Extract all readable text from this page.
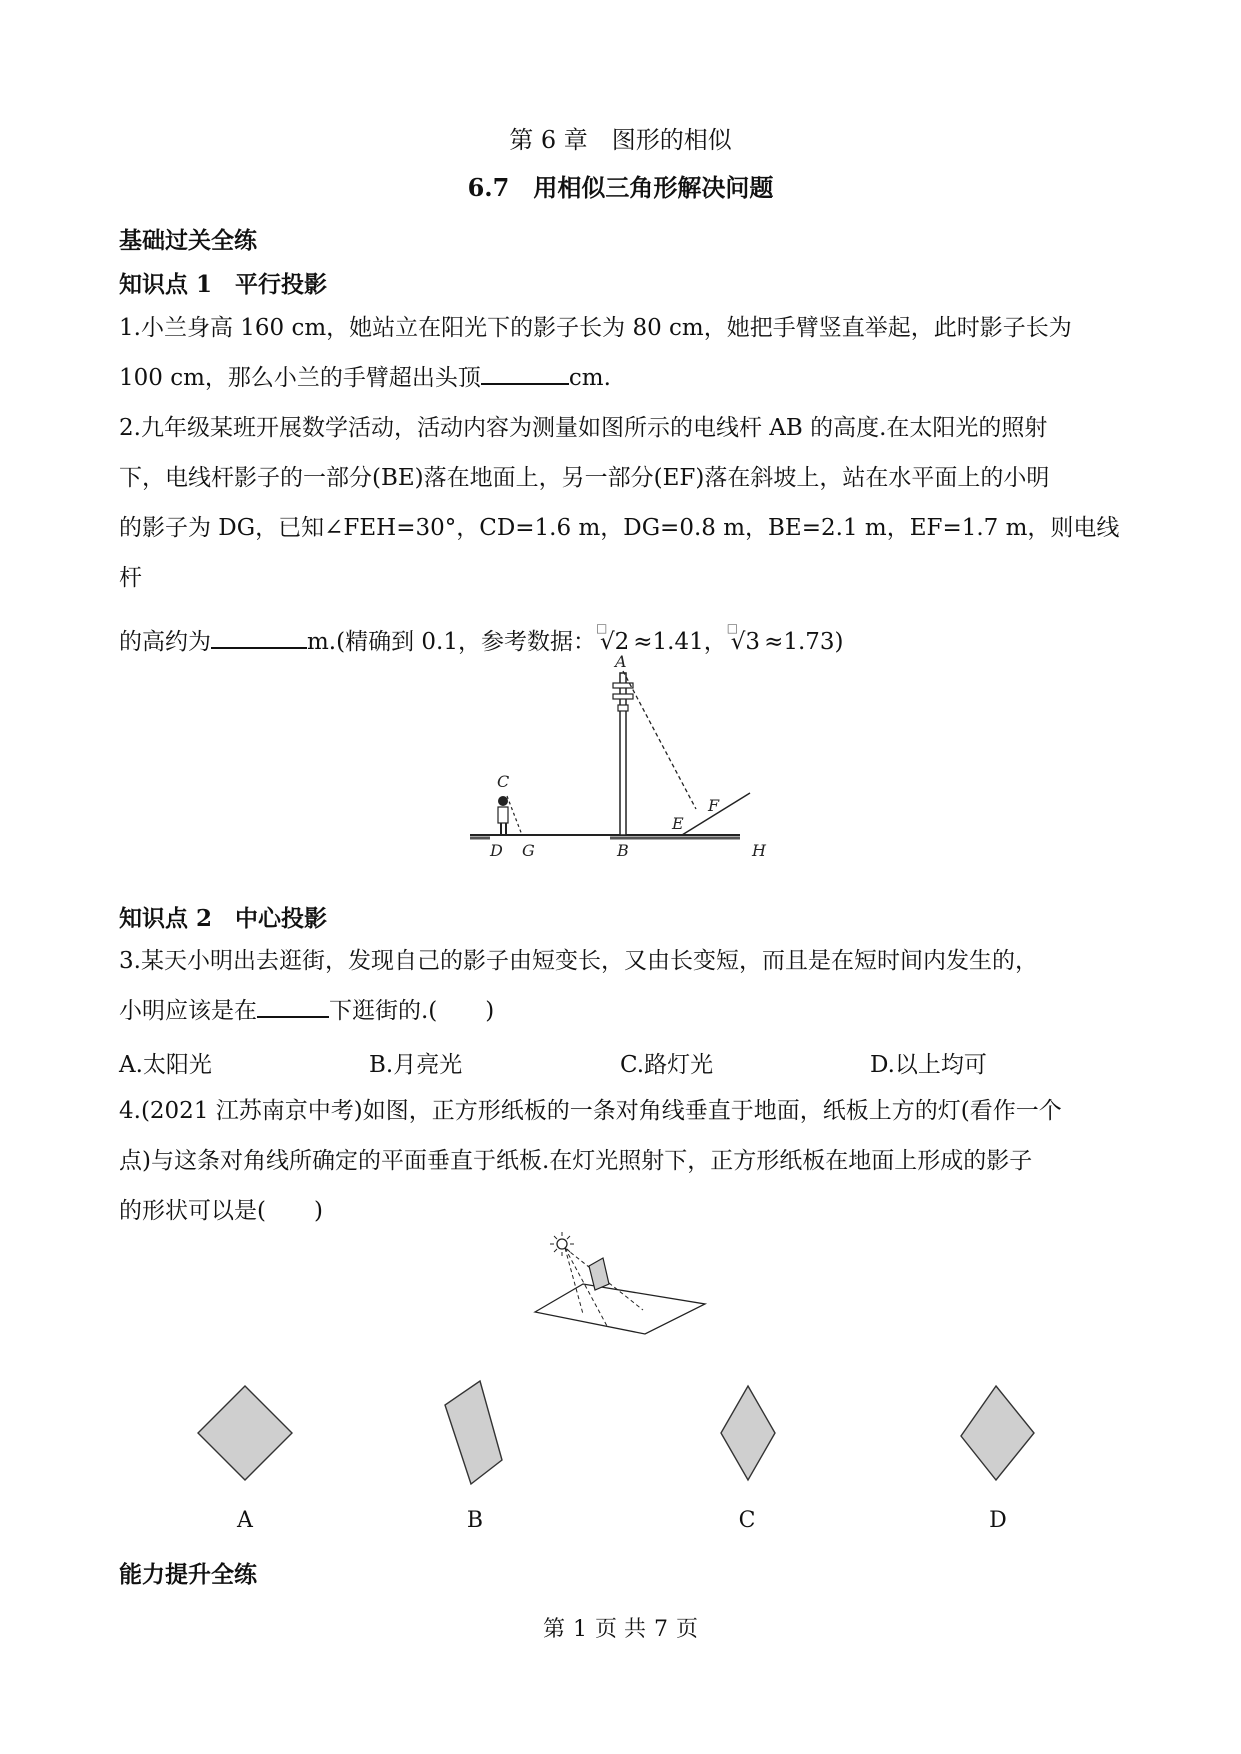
第 6 章　图形的相似
6.7　用相似三角形解决问题
基础过关全练
知识点 1　平行投影
1.小兰身高 160 cm，她站立在阳光下的影子长为 80 cm，她把手臂竖直举起，此时影子长为
100 cm，那么小兰的手臂超出头顶	cm.
2.九年级某班开展数学活动，活动内容为测量如图所示的电线杆 AB 的高度.在太阳光的照射
下，电线杆影子的一部分(BE)落在地面上，另一部分(EF)落在斜坡上，站在水平面上的小明
的影子为 DG，已知∠FEH=30°，CD=1.6 m，DG=0.8 m，BE=2.1 m，EF=1.7 m，则电线杆
的高约为	m.(精确到 0.1，参考数据：
□
√2 ≈1.41，
□
√3 ≈1.73)
A
B
C
D
E
F
G	H
知识点 2　中心投影
3.某天小明出去逛街，发现自己的影子由短变长，又由长变短，而且是在短时间内发生的，
小明应该是在	下逛街的.( )
A.太阳光	B.月亮光	C.路灯光	D.以上均可
4.(2021 江苏南京中考)如图，正方形纸板的一条对角线垂直于地面，纸板上方的灯(看作一个
点)与这条对角线所确定的平面垂直于纸板.在灯光照射下，正方形纸板在地面上形成的影子
的形状可以是( )
A	B	C	D
能力提升全练
第 1 页 共 7 页
